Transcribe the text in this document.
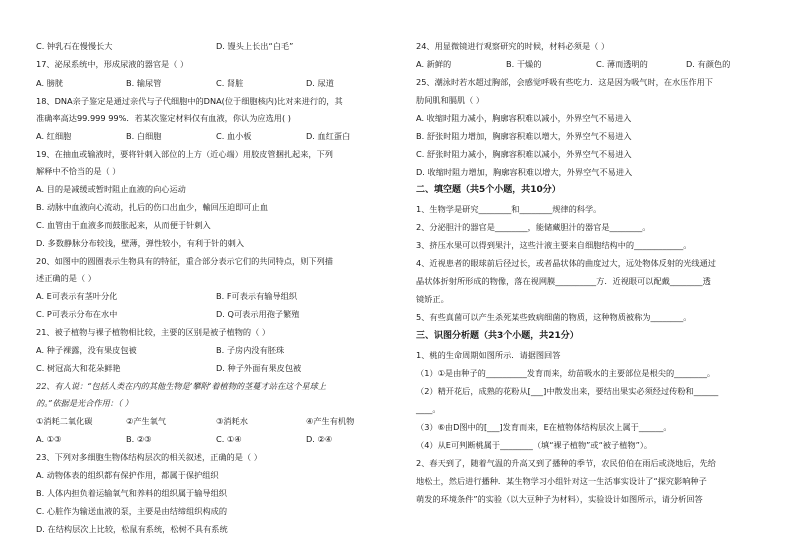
C. 钟乳石在慢慢长大	D. 馒头上长出“白毛”
17、泌尿系统中，形成尿液的器官是（ ）
A. 膀胱	B. 输尿管	C. 肾脏	D. 尿道
18、DNA亲子鉴定是通过亲代与子代细胞中的DNA(位于细胞核内)比对来进行的，其
准确率高达99.999 99%．若某次鉴定材料仅有血液，你认为应选用( )
A. 红细胞	B. 白细胞	C. 血小板	D. 血红蛋白
19、在抽血或输液时，要将针刺入部位的上方（近心端）用胶皮管捆扎起来，下列
解释中不恰当的是（ ）
A. 目的是减缓或暂时阻止血液的向心运动
B. 动脉中血液向心流动，扎后的伤口出血少，輸回压迫即可止血
C. 血管由于血液多而鼓胀起来，从而便于针刺入
D. 多数静脉分布较浅，壁薄，弹性较小，有利于针的刺入
20、如图中的圆圈表示生物具有的特征，重合部分表示它们的共同特点，则下列描
述正确的是（ ）
A. E可表示有茎叶分化	B. F可表示有输导组织
C. P可表示分布在水中	D. Q可表示用孢子繁殖
21、被子植物与裸子植物相比较，主要的区别是被子植物的（ ）
A. 种子裸露，没有果皮包被	B. 子房内没有胚珠
C. 树冠高大和花朵鲜艳	D. 种子外面有果皮包被
22、有人说：“包括人类在内的其他生物是‘攀附’着植物的茎蔓才站在这个星球上
的。”依据是光合作用：（ ）
①消耗二氧化碳	②产生氧气	③消耗水	④产生有机物
A. ①③	B. ②③	C. ①④	D. ②④
23、下列对多细胞生物体结构层次的相关叙述，正确的是（ ）
A. 动物体表的组织都有保护作用，都属于保护组织
B. 人体内担负着运输氧气和养料的组织属于输导组织
C. 心脏作为输送血液的泵，主要是由结缔组织构成的
D. 在结构层次上比较，松鼠有系统，松树不具有系统
24、用显微镜进行观察研究的时候，材料必须是（ ）
A. 新鲜的	B. 干燥的	C. 薄而透明的	D. 有颜色的
25、潮泳时若水超过胸部，会感觉呼吸有些吃力．这是因为吸气时，在水压作用下
肋间肌和膈肌（ ）
A. 收缩时阻力减小，胸廓容积难以减小，外界空气不易进入
B. 舒张时阻力增加，胸廓容积难以增大，外界空气不易进入
C. 舒张时阻力减小，胸廓容积难以减小，外界空气不易进入
D. 收缩时阻力增加，胸廓容积难以增大，外界空气不易进入
二、填空题（共5个小题，共10分）
1、生物学是研究________和________规律的科学。
2、分泌胆汁的器官是________，能储藏胆汁的器官是________。
3、挤压水果可以得到果汁，这些汁液主要来自细胞结构中的____________。
4、近视患者的眼球前后径过长，或者晶状体的曲度过大，远处物体反射的光线通过
晶状体折射所形成的物像，落在视网膜__________方．近视眼可以配戴________透
镜矫正。
5、有些真菌可以产生杀死某些致病细菌的物质，这种物质被称为________。
三、识图分析题（共3个小题，共21分）
1、桃的生命周期如图所示．请据图回答
（1）①是由种子的__________发育而来，幼苗吸水的主要部位是根尖的________。
（2）精开花后，成熟的花粉从[___]中散发出来，要结出果实必须经过传粉和______
____。
（3）⑥由D图中的[___]发育而来，E在植物体结构层次上属于______。
（4）从E可判断桃属于________（填“裸子植物”或“被子植物”）。
2、春天到了，随着气温的升高又到了播种的季节，农民伯伯在雨后或浇地后，先给
地松土，然后进行播种．某生物学习小组针对这一生活事实设计了“探究影响种子
萌发的环境条件”的实验（以大豆种子为材料），实验设计如图所示，请分析回答
